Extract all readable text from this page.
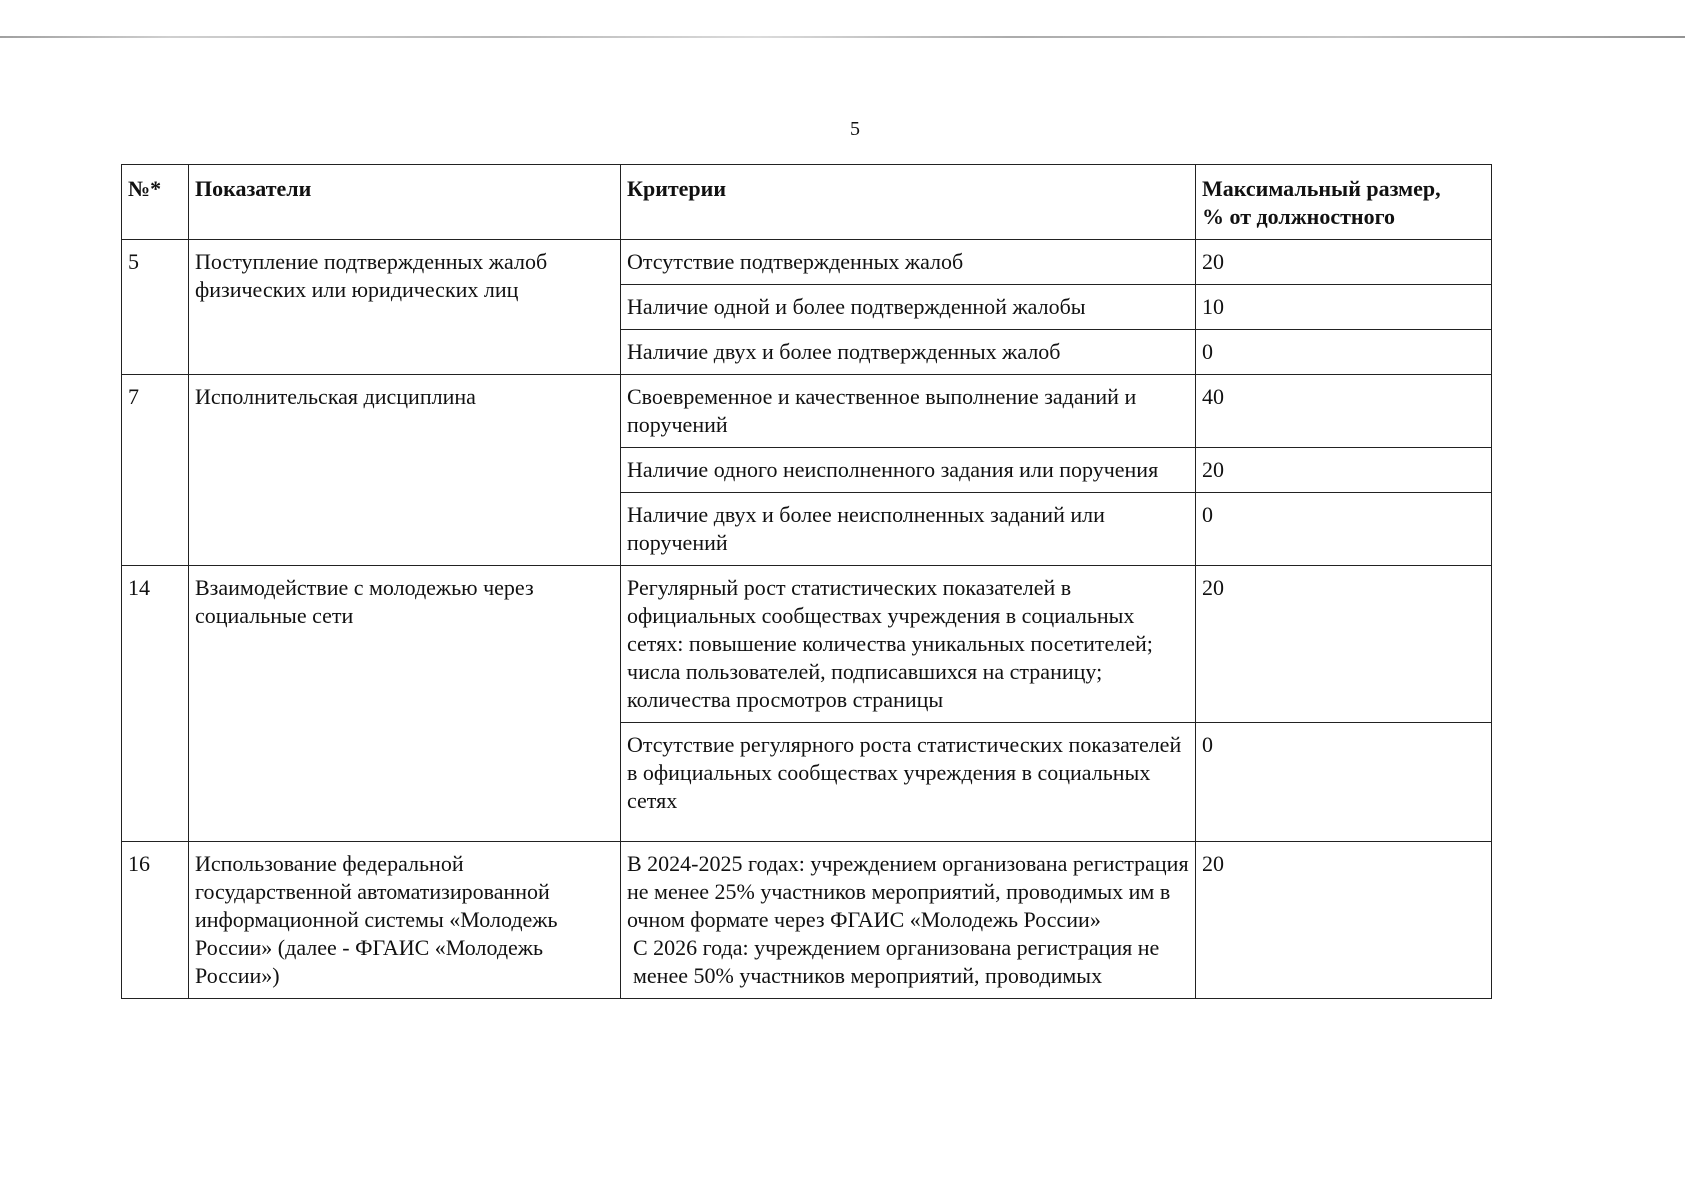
5
№*	Показатели	Критерии	Максимальный размер,
% от должностного

5	Поступление подтвержденных жалоб физических или юридических лиц	Отсутствие подтвержденных жалоб	20
		Наличие одной и более подтвержденной жалобы	10
		Наличие двух и более подтвержденных жалоб	0
7	Исполнительская дисциплина	Своевременное и качественное выполнение заданий и поручений	40
		Наличие одного неисполненного задания или поручения	20
		Наличие двух и более неисполненных заданий или поручений	0
14	Взаимодействие с молодежью через социальные сети	Регулярный рост статистических показателей в официальных сообществах учреждения в социальных сетях: повышение количества уникальных посетителей; числа пользователей, подписавшихся на страницу; количества просмотров страницы	20
		Отсутствие регулярного роста статистических показателей в официальных сообществах учреждения в социальных сетях	0
16	Использование федеральной государственной автоматизированной информационной системы «Молодежь России» (далее - ФГАИС «Молодежь России»)	В 2024-2025 годах: учреждением организована регистрация не менее 25% участников мероприятий, проводимых им в очном формате через ФГАИС «Молодежь России»
С 2026 года: учреждением организована регистрация не менее 50% участников мероприятий, проводимых	20
